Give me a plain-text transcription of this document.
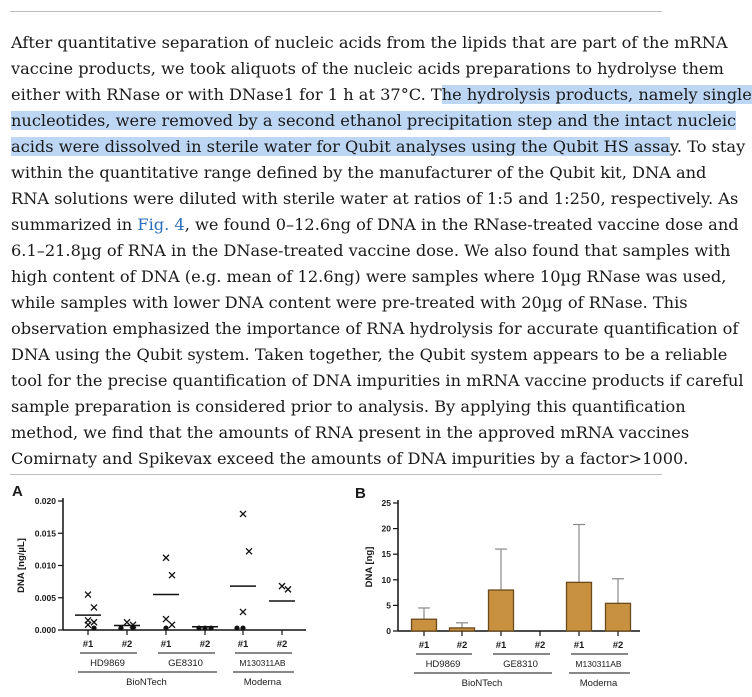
After quantitative separation of nucleic acids from the lipids that are part of the mRNA
vaccine products, we took aliquots of the nucleic acids preparations to hydrolyse them
either with RNase or with DNase1 for 1 h at 37°C. The hydrolysis products, namely single
nucleotides, were removed by a second ethanol precipitation step and the intact nucleic
acids were dissolved in sterile water for Qubit analyses using the Qubit HS assay. To stay
within the quantitative range defined by the manufacturer of the Qubit kit, DNA and
RNA solutions were diluted with sterile water at ratios of 1:5 and 1:250, respectively. As
summarized in Fig. 4, we found 0–12.6ng of DNA in the RNase-treated vaccine dose and
6.1–21.8µg of RNA in the DNase-treated vaccine dose. We also found that samples with
high content of DNA (e.g. mean of 12.6ng) were samples where 10µg RNase was used,
while samples with lower DNA content were pre-treated with 20µg of RNase. This
observation emphasized the importance of RNA hydrolysis for accurate quantification of
DNA using the Qubit system. Taken together, the Qubit system appears to be a reliable
tool for the precise quantification of DNA impurities in mRNA vaccine products if careful
sample preparation is considered prior to analysis. By applying this quantification
method, we find that the amounts of RNA present in the approved mRNA vaccines
Comirnaty and Spikevax exceed the amounts of DNA impurities by a factor>1000.
A
0.000
0.005
0.010
0.015
0.020
DNA [ng/µL]
#1	#2	#1	#2	#1	#2
HD9869	GE8310	M130311AB
BioNTech	Moderna
B
0
5
10
15
20
25
DNA [ng]
#1	#2	#1	#2	#1	#2
HD9869	GE8310	M130311AB
BioNTech	Moderna
